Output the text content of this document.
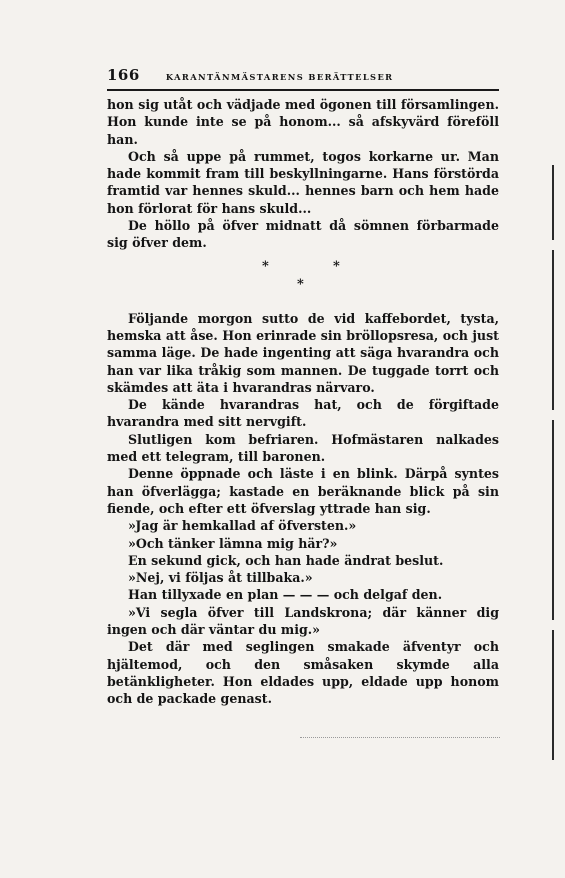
166	KARANTÄNMÄSTARENS BERÄTTELSER

hon sig utåt och vädjade med ögonen till församlingen. Hon kunde inte se på honom... så afskyvärd föreföll han.

Och så uppe på rummet, togos korkarne ur. Man hade kommit fram till beskyllningarne. Hans förstörda framtid var hennes skuld... hennes barn och hem hade hon förlorat för hans skuld...

De höllo på öfver midnatt då sömnen förbarmade sig öfver dem.

*	*
*

Följande morgon sutto de vid kaffebordet, tysta, hemska att åse. Hon erinrade sin bröllopsresa, och just samma läge. De hade ingenting att säga hvarandra och han var lika tråkig som mannen. De tuggade torrt och skämdes att äta i hvarandras närvaro.

De kände hvarandras hat, och de förgiftade hvarandra med sitt nervgift.

Slutligen kom befriaren. Hofmästaren nalkades med ett telegram, till baronen.

Denne öppnade och läste i en blink. Därpå syntes han öfverlägga; kastade en beräknande blick på sin fiende, och efter ett öfverslag yttrade han sig.

»Jag är hemkallad af öfversten.»

»Och tänker lämna mig här?»

En sekund gick, och han hade ändrat beslut.

»Nej, vi följas åt tillbaka.»

Han tillyxade en plan — — — och delgaf den.

»Vi segla öfver till Landskrona; där känner dig ingen och där väntar du mig.»

Det där med seglingen smakade äfventyr och hjältemod, och den småsaken skymde alla betänkligheter. Hon eldades upp, eldade upp honom och de packade genast.
